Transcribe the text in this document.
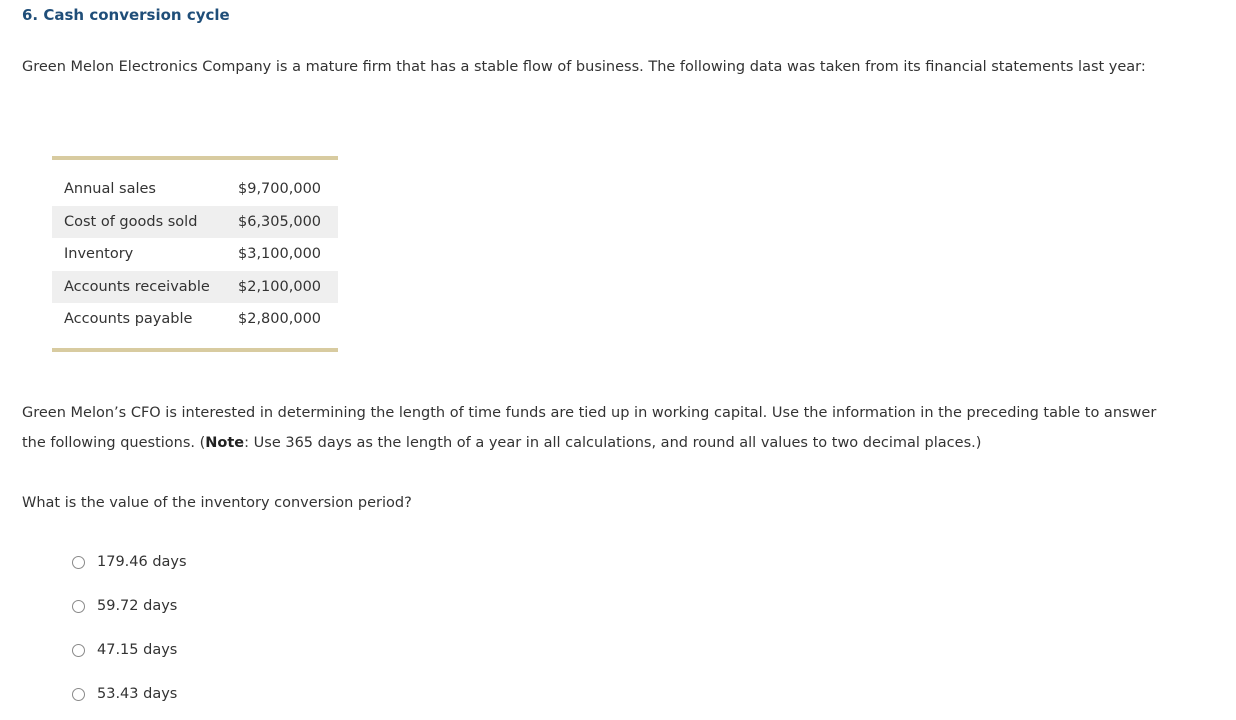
6. Cash conversion cycle
Green Melon Electronics Company is a mature firm that has a stable flow of business. The following data was taken from its financial statements last year:
Annual sales	$9,700,000
Cost of goods sold	$6,305,000
Inventory	$3,100,000
Accounts receivable	$2,100,000
Accounts payable	$2,800,000
Green Melon’s CFO is interested in determining the length of time funds are tied up in working capital. Use the information in the preceding table to answer the following questions. (Note: Use 365 days as the length of a year in all calculations, and round all values to two decimal places.)
What is the value of the inventory conversion period?
179.46 days
59.72 days
47.15 days
53.43 days
